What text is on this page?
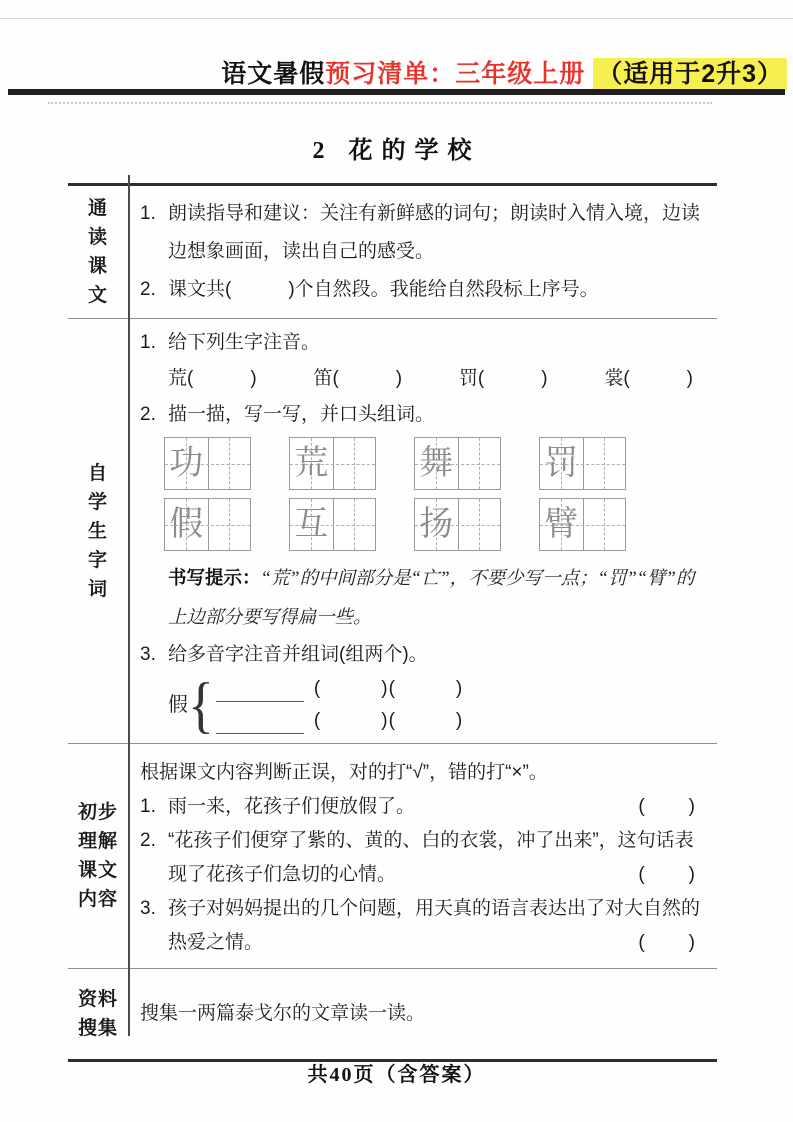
语文暑假预习清单：三年级上册 （适用于2升3）
2 花的学校
通
读
课
文
1. 朗读指导和建议：关注有新鲜感的词句；朗读时入情入境，边读边想象画面，读出自己的感受。
2. 课文共(　　　)个自然段。我能给自然段标上序号。
自
学
生
字
词
1. 给下列生字注音。
荒(　　　)	笛(　　　)	罚(　　　)	裳(　　　)
2. 描一描，写一写，并口头组词。
功	荒	舞	罚
假	互	扬	臂
书写提示：“荒”的中间部分是“亡”，不要少写一点；“罚”“臂”的上边部分要写得扁一些。
3. 给多音字注音并组词(组两个)。
假 {	(　　　)(　　　)
(　　　)(　　　)
初步
理解
课文
内容
根据课文内容判断正误，对的打“√”，错的打“×”。
1. 雨一来，花孩子们便放假了。	(　　)
2. “花孩子们便穿了紫的、黄的、白的衣裳，冲了出来”，这句话表现了花孩子们急切的心情。	(　　)
3. 孩子对妈妈提出的几个问题，用天真的语言表达出了对大自然的热爱之情。	(　　)
资料
搜集
搜集一两篇泰戈尔的文章读一读。
共40页（含答案）
